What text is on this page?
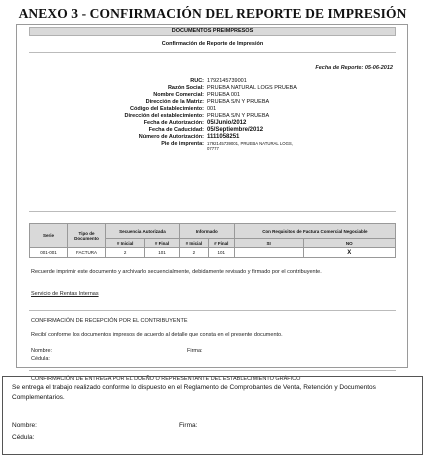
ANEXO 3 - CONFIRMACIÓN DEL REPORTE DE IMPRESIÓN
DOCUMENTOS PREIMPRESOS
Confirmación de Reporte de Impresión
Fecha de Reporte: 05-06-2012
RUC: 1792145739001
Razón Social: PRUEBA NATURAL LOGS PRUEBA
Nombre Comercial: PRUEBA 001
Dirección de la Matriz: PRUEBA S/N Y PRUEBA
Código del Establecimiento: 001
Dirección del establecimiento: PRUEBA S/N Y PRUEBA
Fecha de Autorización: 05/Junio/2012
Fecha de Caducidad: 05/Septiembre/2012
Número de Autorización: 1111058251
Pie de imprenta: 1792145739001, PRUEBA NATURAL LOGS, 07777
Serie	Tipo de Documento	Secuencia Autorizada		Informado		Con Requisitos de Factura Comercial Negociable	
		# Inicial	# Final	# Inicial	# Final	SI	NO
001-001	FACTURA	2	101	2	101		X
Recuerde imprimir este documento y archivarlo secuencialmente, debidamente revisado y firmado por el contribuyente.
Servicio de Rentas Internas
CONFIRMACIÓN DE RECEPCIÓN POR EL CONTRIBUYENTE
Recibí conforme los documentos impresos de acuerdo al detalle que consta en el presente documento.
Nombre:	Firma:
Cédula:
CONFIRMACIÓN DE ENTREGA POR EL DUEÑO O REPRESENTANTE DEL ESTABLECIMIENTO GRÁFICO
Se entrega el trabajo realizado conforme lo dispuesto en el Reglamento de Comprobantes de Venta, Retención y Documentos Complementarios.
Nombre:	Firma:
Cédula:
